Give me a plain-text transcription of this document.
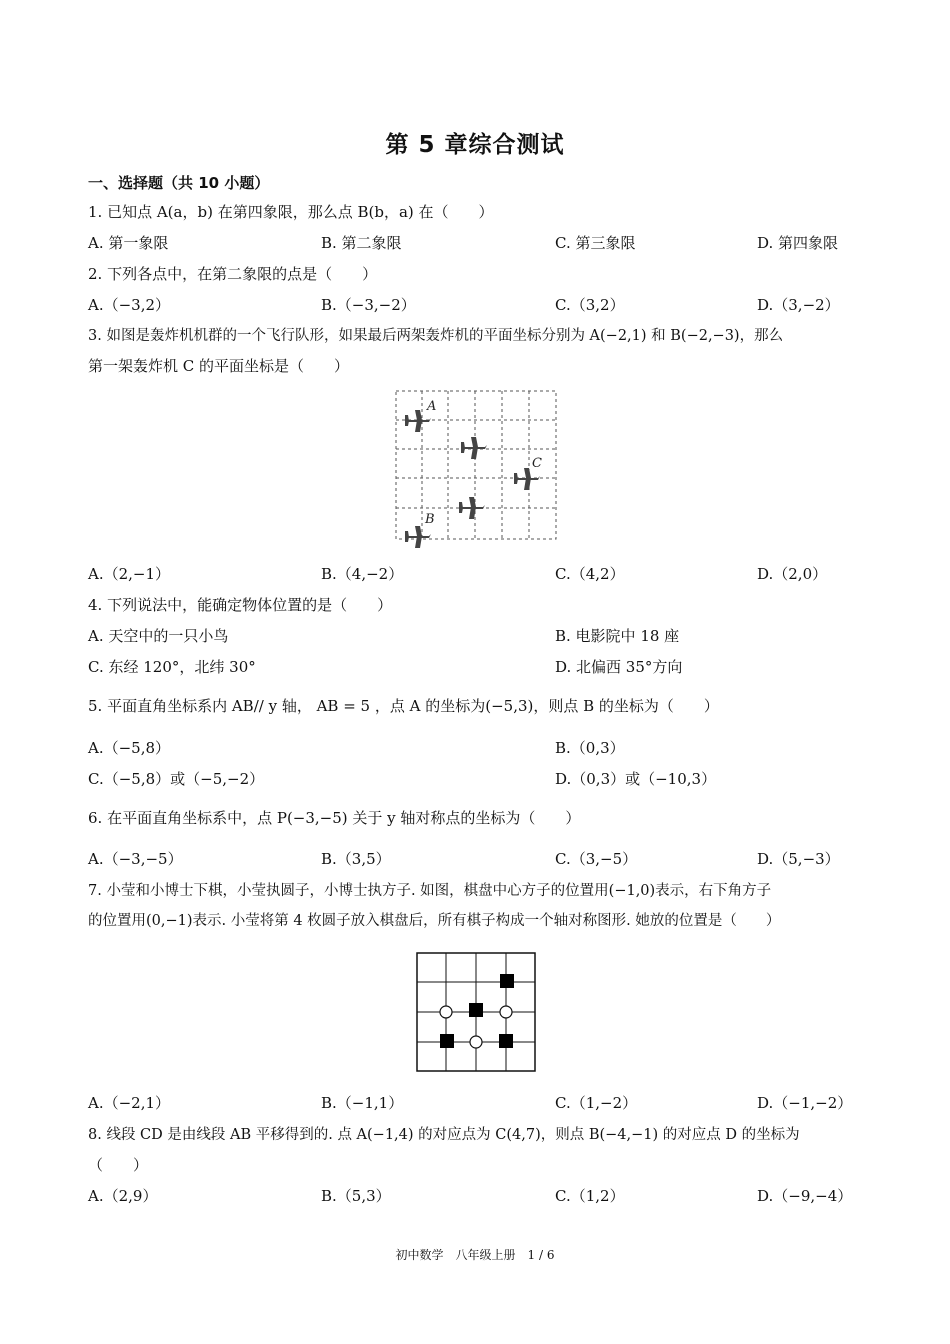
第 5 章综合测试
一、选择题（共 10 小题）
1. 已知点 A(a，b) 在第四象限，那么点 B(b，a) 在（　　）
A. 第一象限	B. 第二象限	C. 第三象限	D. 第四象限
2. 下列各点中，在第二象限的点是（　　）
A.（−3,2）	B.（−3,−2）	C.（3,2）	D.（3,−2）
3. 如图是轰炸机机群的一个飞行队形，如果最后两架轰炸机的平面坐标分别为 A(−2,1) 和 B(−2,−3)，那么
第一架轰炸机 C 的平面坐标是（　　）
A
C
B
A.（2,−1）	B.（4,−2）	C.（4,2）	D.（2,0）
4. 下列说法中，能确定物体位置的是（　　）
A. 天空中的一只小鸟	B. 电影院中 18 座
C. 东经 120°，北纬 30°	D. 北偏西 35°方向
5. 平面直角坐标系内 AB// y 轴， AB = 5 ，点 A 的坐标为(−5,3)，则点 B 的坐标为（　　）
A.（−5,8）	B.（0,3）
C.（−5,8）或（−5,−2）	D.（0,3）或（−10,3）
6. 在平面直角坐标系中，点 P(−3,−5) 关于 y 轴对称点的坐标为（　　）
A.（−3,−5）	B.（3,5）	C.（3,−5）	D.（5,−3）
7. 小莹和小博士下棋，小莹执圆子，小博士执方子. 如图，棋盘中心方子的位置用(−1,0)表示，右下角方子
的位置用(0,−1)表示. 小莹将第 4 枚圆子放入棋盘后，所有棋子构成一个轴对称图形. 她放的位置是（　　）
A.（−2,1）	B.（−1,1）	C.（1,−2）	D.（−1,−2）
8. 线段 CD 是由线段 AB 平移得到的. 点 A(−1,4) 的对应点为 C(4,7)，则点 B(−4,−1) 的对应点 D 的坐标为
（　　）
A.（2,9）	B.（5,3）	C.（1,2）	D.（−9,−4）
初中数学　八年级上册　1 / 6
